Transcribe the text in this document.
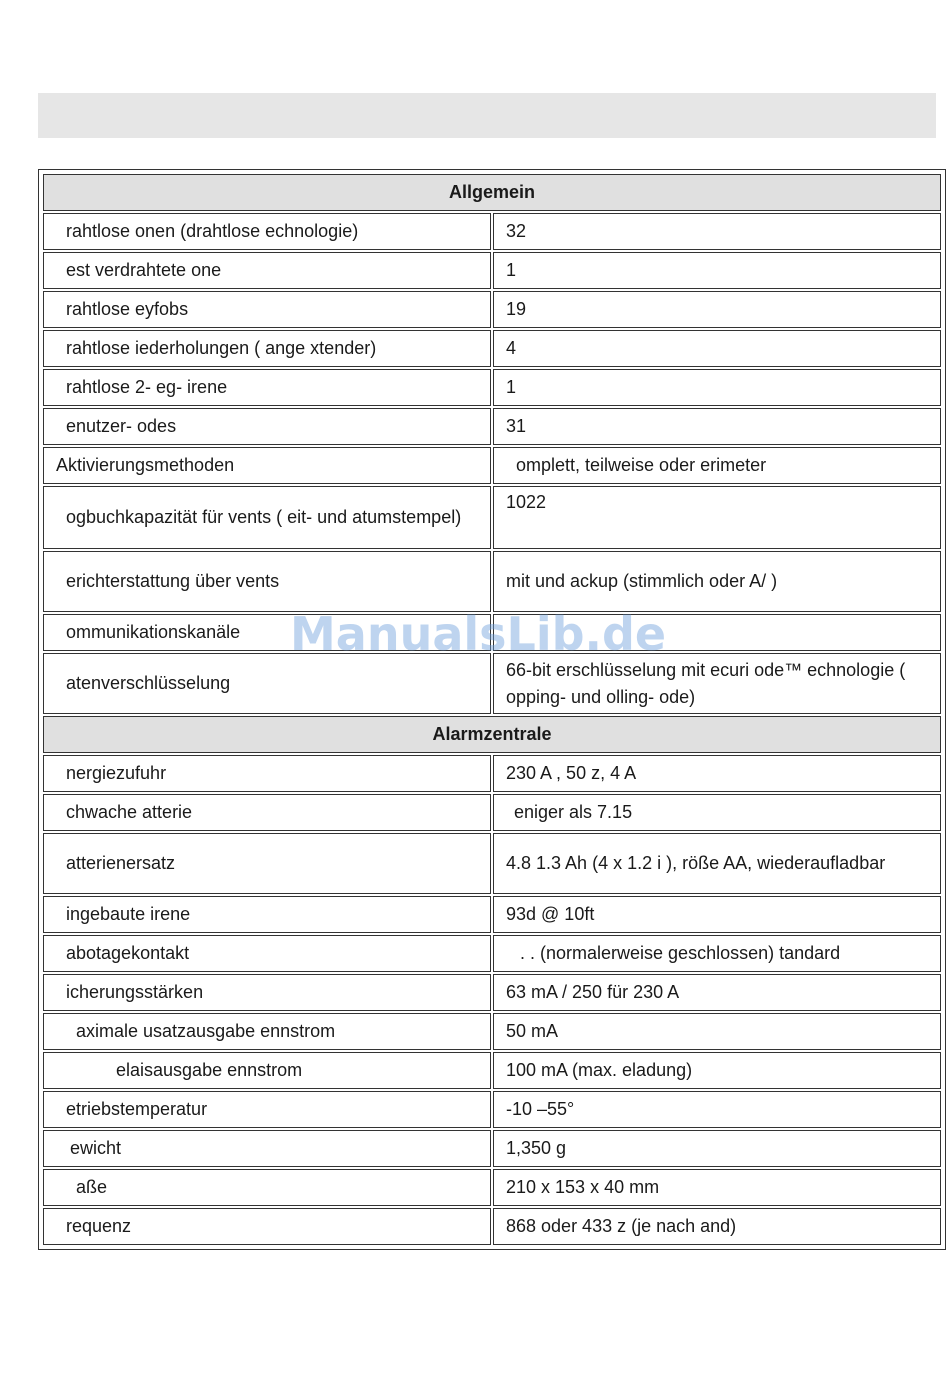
Allgemein	
rahtlose onen (drahtlose echnologie)	32
est verdrahtete one	1
rahtlose eyfobs	19
rahtlose iederholungen ( ange xtender)	4
rahtlose 2- eg- irene	1
enutzer- odes	31
Aktivierungsmethoden	omplett, teilweise oder erimeter
ogbuchkapazität für vents ( eit- und atumstempel)	1022
erichterstattung über vents	mit und ackup (stimmlich oder A/ )
ommunikationskanäle	
atenverschlüsselung	66-bit erschlüsselung mit ecuri ode™ echnologie ( opping- und olling- ode)
Alarmzentrale	
nergiezufuhr	230 A , 50 z, 4 A
chwache atterie	eniger als 7.15
atterienersatz	4.8 1.3 Ah (4 x 1.2 i ), röße AA, wiederaufladbar
ingebaute irene	93d @ 10ft
abotagekontakt	. . (normalerweise geschlossen) tandard
icherungsstärken	63 mA / 250 für 230 A
aximale usatzausgabe ennstrom	50 mA
elaisausgabe ennstrom	100 mA (max. eladung)
etriebstemperatur	-10 –55°
ewicht	1,350 g
aße	210 x 153 x 40 mm
requenz	868 oder 433 z (je nach and)
ManualsLib.de
